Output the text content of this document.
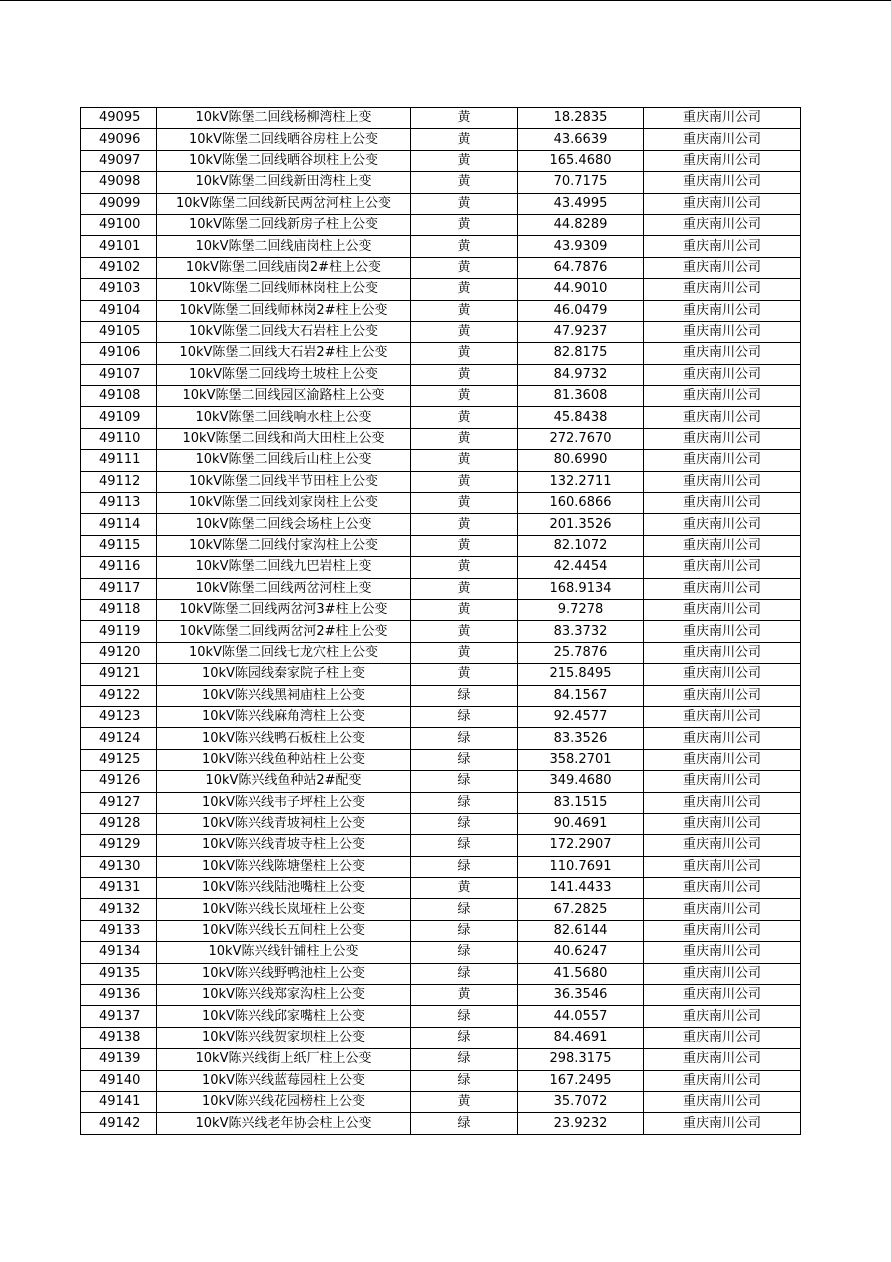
49095	10kV陈堡二回线杨柳湾柱上变	黄	18.2835	重庆南川公司
49096	10kV陈堡二回线晒谷房柱上公变	黄	43.6639	重庆南川公司
49097	10kV陈堡二回线晒谷坝柱上公变	黄	165.4680	重庆南川公司
49098	10kV陈堡二回线新田湾柱上变	黄	70.7175	重庆南川公司
49099	10kV陈堡二回线新民两岔河柱上公变	黄	43.4995	重庆南川公司
49100	10kV陈堡二回线新房子柱上公变	黄	44.8289	重庆南川公司
49101	10kV陈堡二回线庙岗柱上公变	黄	43.9309	重庆南川公司
49102	10kV陈堡二回线庙岗2#柱上公变	黄	64.7876	重庆南川公司
49103	10kV陈堡二回线师林岗柱上公变	黄	44.9010	重庆南川公司
49104	10kV陈堡二回线师林岗2#柱上公变	黄	46.0479	重庆南川公司
49105	10kV陈堡二回线大石岩柱上公变	黄	47.9237	重庆南川公司
49106	10kV陈堡二回线大石岩2#柱上公变	黄	82.8175	重庆南川公司
49107	10kV陈堡二回线垮土坡柱上公变	黄	84.9732	重庆南川公司
49108	10kV陈堡二回线园区渝路柱上公变	黄	81.3608	重庆南川公司
49109	10kV陈堡二回线响水柱上公变	黄	45.8438	重庆南川公司
49110	10kV陈堡二回线和尚大田柱上公变	黄	272.7670	重庆南川公司
49111	10kV陈堡二回线后山柱上公变	黄	80.6990	重庆南川公司
49112	10kV陈堡二回线半节田柱上公变	黄	132.2711	重庆南川公司
49113	10kV陈堡二回线刘家岗柱上公变	黄	160.6866	重庆南川公司
49114	10kV陈堡二回线会场柱上公变	黄	201.3526	重庆南川公司
49115	10kV陈堡二回线付家沟柱上公变	黄	82.1072	重庆南川公司
49116	10kV陈堡二回线九巴岩柱上变	黄	42.4454	重庆南川公司
49117	10kV陈堡二回线两岔河柱上变	黄	168.9134	重庆南川公司
49118	10kV陈堡二回线两岔河3#柱上公变	黄	9.7278	重庆南川公司
49119	10kV陈堡二回线两岔河2#柱上公变	黄	83.3732	重庆南川公司
49120	10kV陈堡二回线七龙穴柱上公变	黄	25.7876	重庆南川公司
49121	10kV陈园线秦家院子柱上变	黄	215.8495	重庆南川公司
49122	10kV陈兴线黑祠庙柱上公变	绿	84.1567	重庆南川公司
49123	10kV陈兴线麻角湾柱上公变	绿	92.4577	重庆南川公司
49124	10kV陈兴线鸭石板柱上公变	绿	83.3526	重庆南川公司
49125	10kV陈兴线鱼种站柱上公变	绿	358.2701	重庆南川公司
49126	10kV陈兴线鱼种站2#配变	绿	349.4680	重庆南川公司
49127	10kV陈兴线韦子坪柱上公变	绿	83.1515	重庆南川公司
49128	10kV陈兴线青坡祠柱上公变	绿	90.4691	重庆南川公司
49129	10kV陈兴线青坡寺柱上公变	绿	172.2907	重庆南川公司
49130	10kV陈兴线陈塘堡柱上公变	绿	110.7691	重庆南川公司
49131	10kV陈兴线陆池嘴柱上公变	黄	141.4433	重庆南川公司
49132	10kV陈兴线长岚垭柱上公变	绿	67.2825	重庆南川公司
49133	10kV陈兴线长五间柱上公变	绿	82.6144	重庆南川公司
49134	10kV陈兴线针铺柱上公变	绿	40.6247	重庆南川公司
49135	10kV陈兴线野鸭池柱上公变	绿	41.5680	重庆南川公司
49136	10kV陈兴线郑家沟柱上公变	黄	36.3546	重庆南川公司
49137	10kV陈兴线邱家嘴柱上公变	绿	44.0557	重庆南川公司
49138	10kV陈兴线贺家坝柱上公变	绿	84.4691	重庆南川公司
49139	10kV陈兴线街上纸厂柱上公变	绿	298.3175	重庆南川公司
49140	10kV陈兴线蓝莓园柱上公变	绿	167.2495	重庆南川公司
49141	10kV陈兴线花园榜柱上公变	黄	35.7072	重庆南川公司
49142	10kV陈兴线老年协会柱上公变	绿	23.9232	重庆南川公司
